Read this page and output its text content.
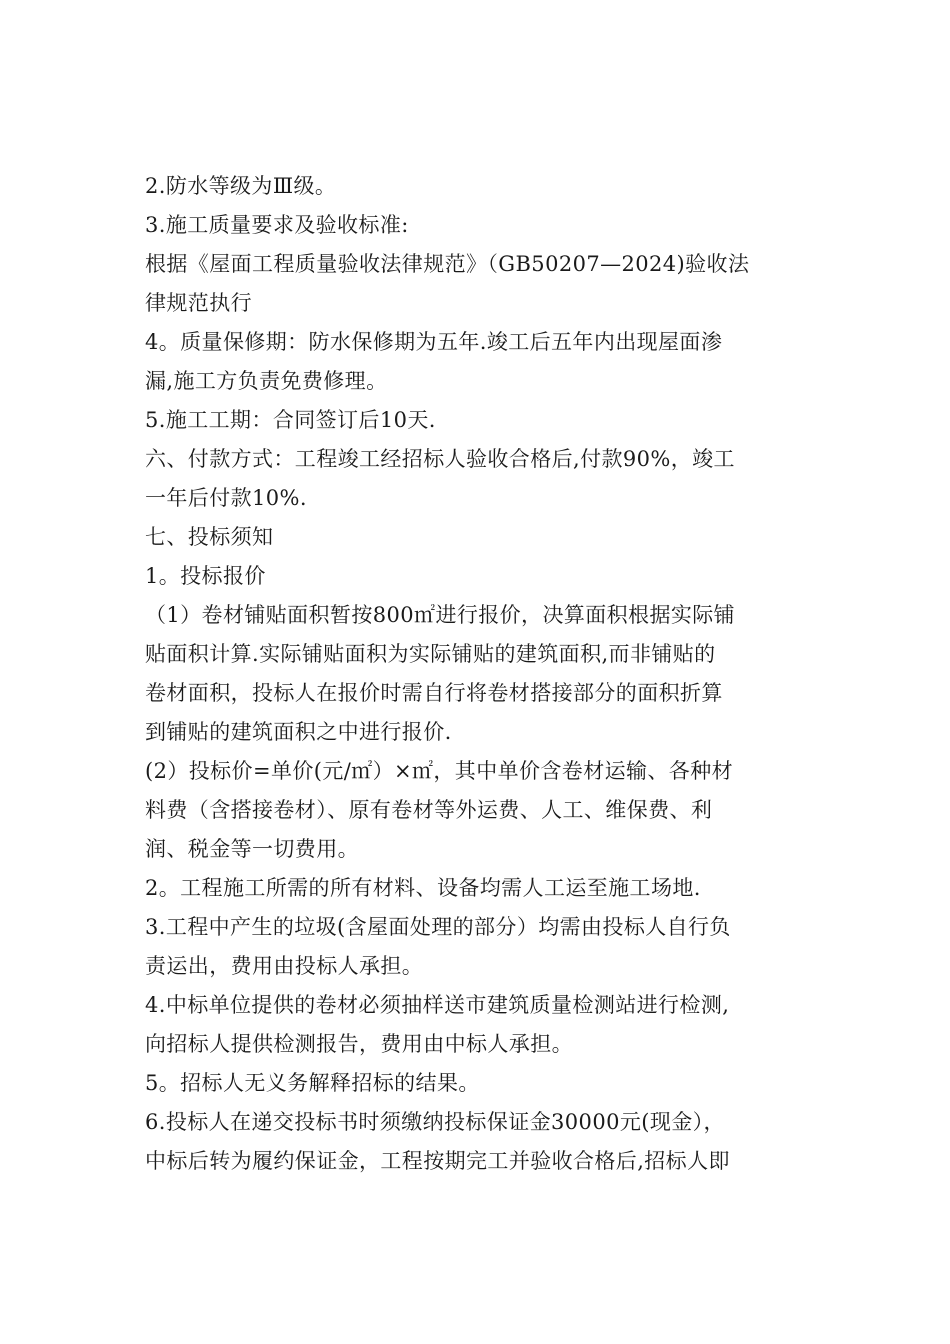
2.防水等级为Ⅲ级。
3.施工质量要求及验收标准:
根据《屋面工程质量验收法律规范》（GB50207—2024)验收法
律规范执行
4。质量保修期：防水保修期为五年.竣工后五年内出现屋面渗
漏,施工方负责免费修理。
5.施工工期：合同签订后10天.
六、付款方式：工程竣工经招标人验收合格后,付款90%，竣工
一年后付款10%.
七、投标须知
1。投标报价
（1）卷材铺贴面积暂按800㎡进行报价，决算面积根据实际铺
贴面积计算.实际铺贴面积为实际铺贴的建筑面积,而非铺贴的
卷材面积，投标人在报价时需自行将卷材搭接部分的面积折算
到铺贴的建筑面积之中进行报价.
(2）投标价=单价(元/㎡）×㎡，其中单价含卷材运输、各种材
料费（含搭接卷材）、原有卷材等外运费、人工、维保费、利
润、税金等一切费用。
2。工程施工所需的所有材料、设备均需人工运至施工场地.
3.工程中产生的垃圾(含屋面处理的部分）均需由投标人自行负
责运出，费用由投标人承担。
4.中标单位提供的卷材必须抽样送市建筑质量检测站进行检测,
向招标人提供检测报告，费用由中标人承担。
5。招标人无义务解释招标的结果。
6.投标人在递交投标书时须缴纳投标保证金30000元(现金），
中标后转为履约保证金，工程按期完工并验收合格后,招标人即
